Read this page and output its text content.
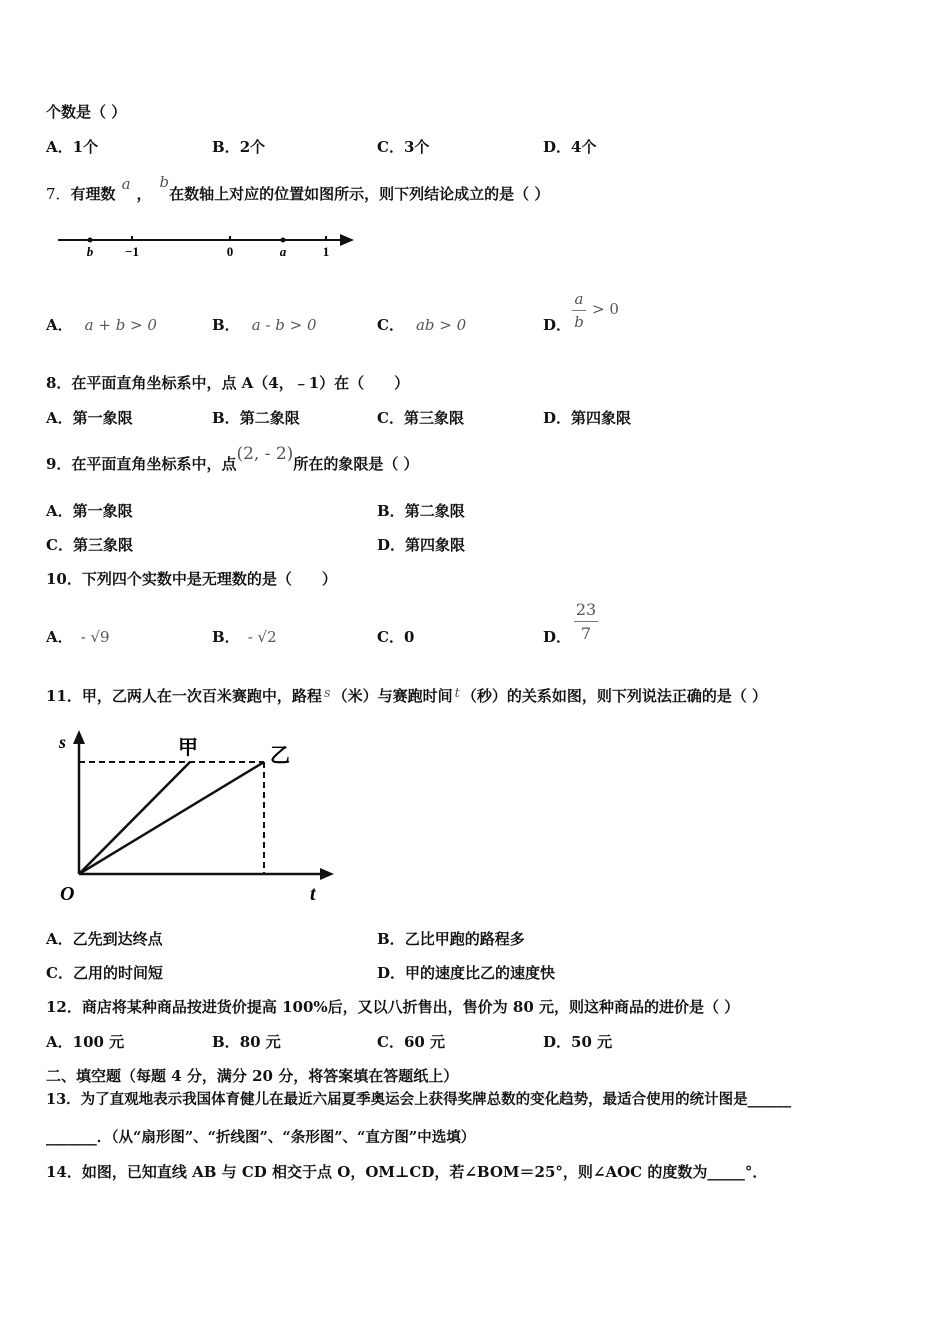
个数是（ ）
A．1个	B．2个	C．3个	D．4个
7．有理数a，b在数轴上对应的位置如图所示，则下列结论成立的是（ ）
b −1	0	a	1
A． a + b > 0	B． a - b > 0	C． ab > 0	D．
a
b
> 0
8．在平面直角坐标系中，点 A（4，﹣1）在（　　）
A．第一象限	B．第二象限	C．第三象限	D．第四象限
9．在平面直角坐标系中，点(2, - 2)所在的象限是（ ）
A．第一象限	B．第二象限
C．第三象限	D．第四象限
10．下列四个实数中是无理数的是（　　）
A． - √9	B． - √2	C．0	D．
23
7
11．甲，乙两人在一次百米赛跑中，路程 s （米）与赛跑时间 t （秒）的关系如图，则下列说法正确的是（ ）
s
t
O
甲	乙
A．乙先到达终点	B．乙比甲跑的路程多
C．乙用的时间短	D．甲的速度比乙的速度快
12．商店将某种商品按进货价提高 100%后，又以八折售出，售价为 80 元，则这种商品的进价是（ ）
A．100 元	B．80 元	C．60 元	D．50 元
二、填空题（每题 4 分，满分 20 分，将答案填在答题纸上）
13．为了直观地表示我国体育健儿在最近六届夏季奥运会上获得奖牌总数的变化趋势，最适合使用的统计图是______
_______．（从“扇形图”、“折线图”、“条形图”、“直方图”中选填）
14．如图，已知直线 AB 与 CD 相交于点 O，OM⊥CD，若∠BOM＝25°，则∠AOC 的度数为_____°．
